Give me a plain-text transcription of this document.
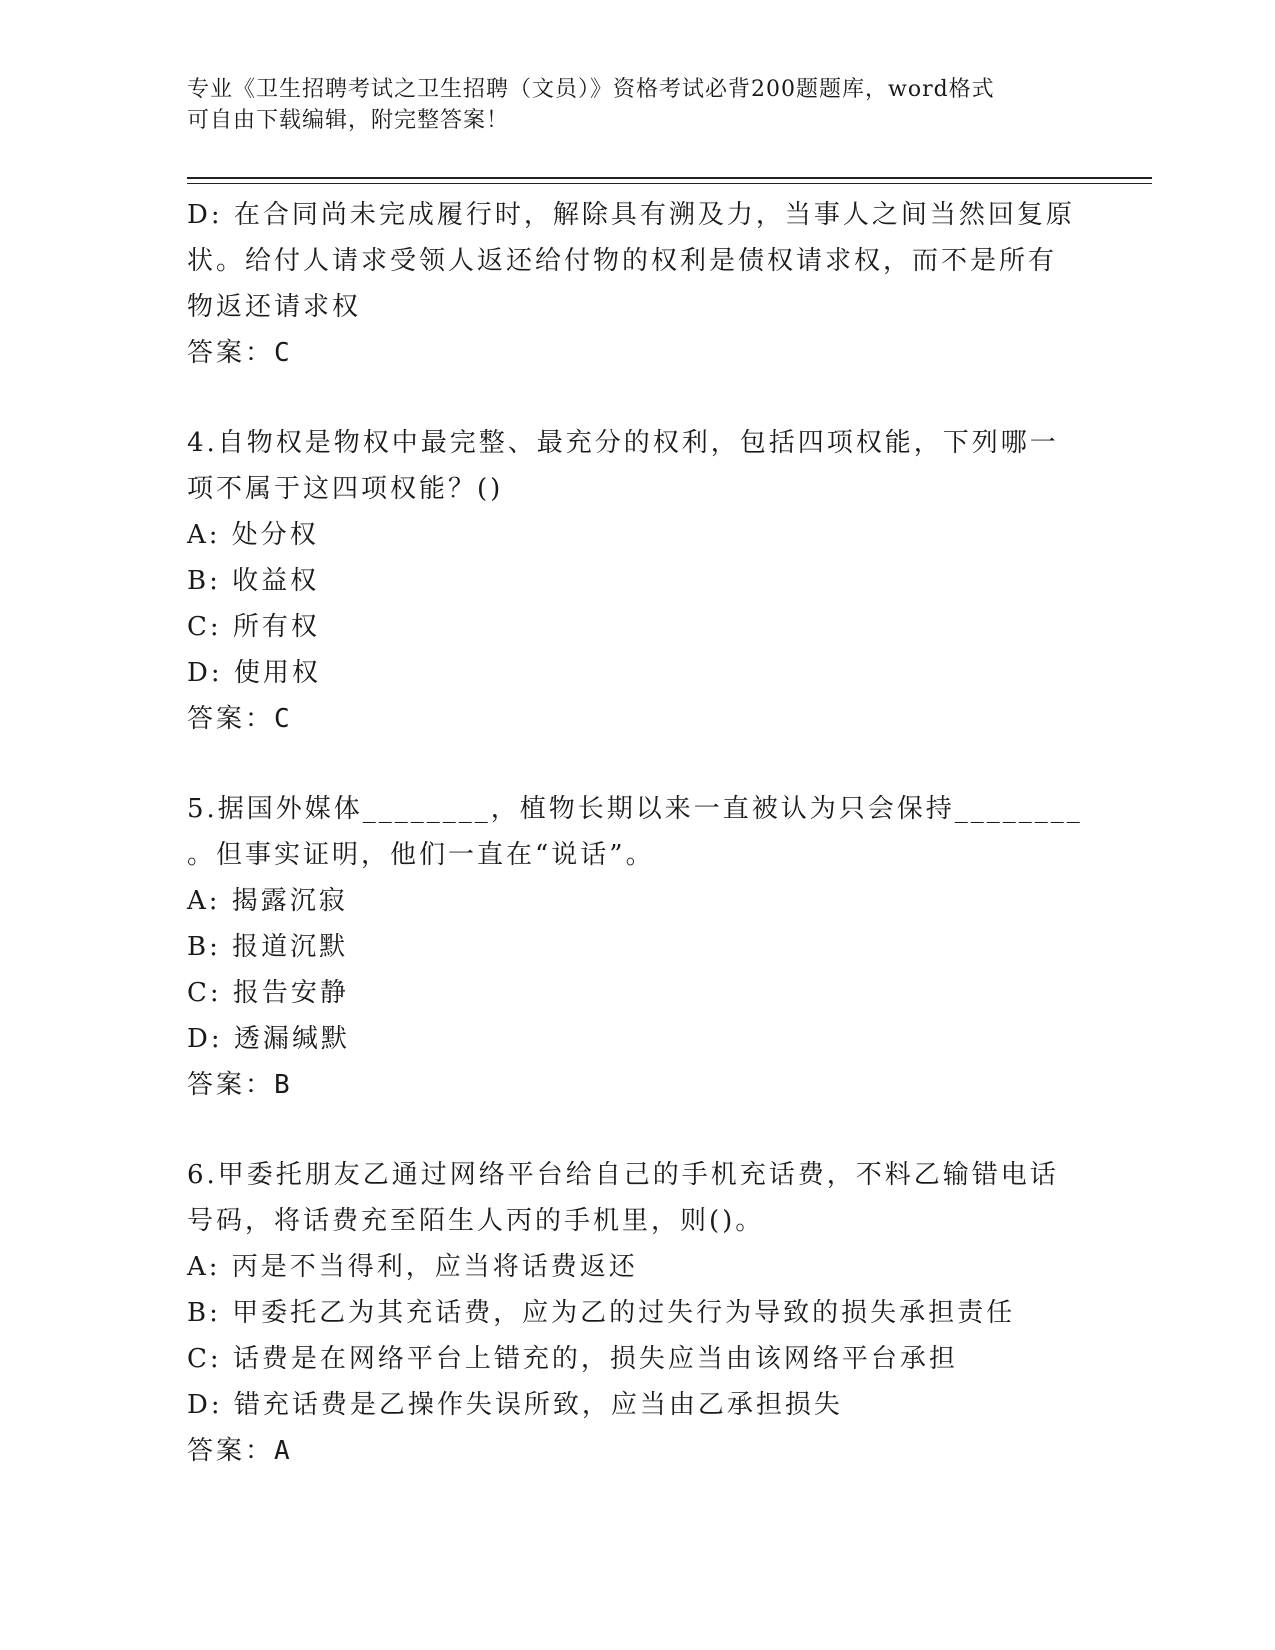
专业《卫生招聘考试之卫生招聘（文员）》资格考试必背200题题库，word格式
可自由下载编辑，附完整答案！
D: 在合同尚未完成履行时，解除具有溯及力，当事人之间当然回复原
状。给付人请求受领人返还给付物的权利是债权请求权，而不是所有
物返还请求权
答案：C
4.自物权是物权中最完整、最充分的权利，包括四项权能，下列哪一
项不属于这四项权能？()
A: 处分权
B: 收益权
C: 所有权
D: 使用权
答案：C
5.据国外媒体________，植物长期以来一直被认为只会保持________
。但事实证明，他们一直在“说话”。
A: 揭露沉寂
B: 报道沉默
C: 报告安静
D: 透漏缄默
答案：B
6.甲委托朋友乙通过网络平台给自己的手机充话费，不料乙输错电话
号码，将话费充至陌生人丙的手机里，则()。
A: 丙是不当得利，应当将话费返还
B: 甲委托乙为其充话费，应为乙的过失行为导致的损失承担责任
C: 话费是在网络平台上错充的，损失应当由该网络平台承担
D: 错充话费是乙操作失误所致，应当由乙承担损失
答案：A
